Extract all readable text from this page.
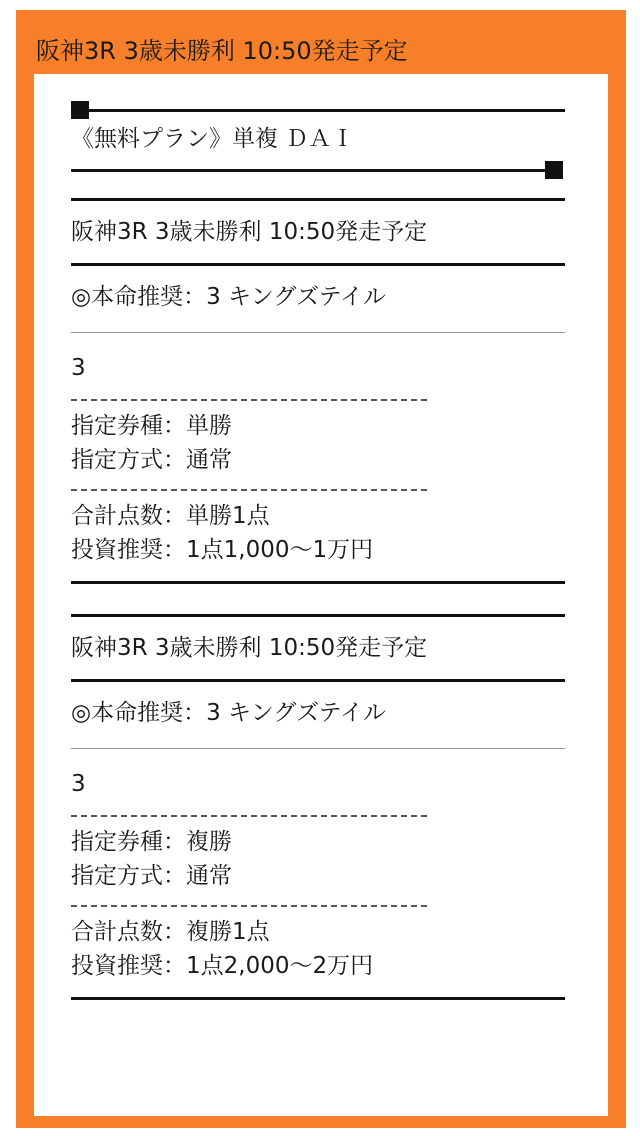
阪神3R 3歳未勝利 10:50発走予定
《無料プラン》単複 ＤＡＩ
阪神3R 3歳未勝利 10:50発走予定
◎本命推奨：3 キングズテイル
3
指定券種：単勝
指定方式：通常
合計点数：単勝1点
投資推奨：1点1,000〜1万円
阪神3R 3歳未勝利 10:50発走予定
◎本命推奨：3 キングズテイル
3
指定券種：複勝
指定方式：通常
合計点数：複勝1点
投資推奨：1点2,000〜2万円
